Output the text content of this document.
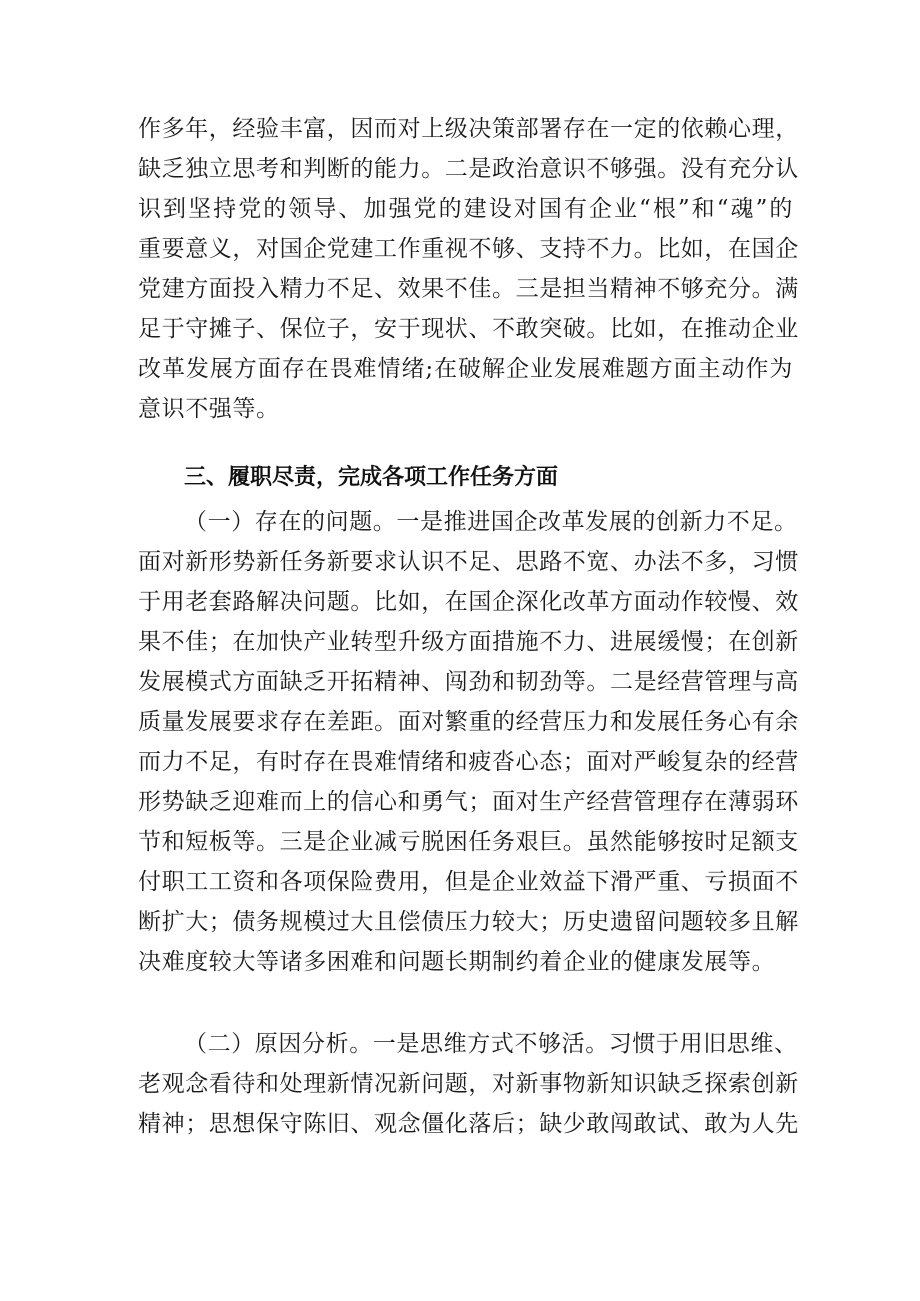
作多年，经验丰富，因而对上级决策部署存在一定的依赖心理，
缺乏独立思考和判断的能力。二是政治意识不够强。没有充分认
识到坚持党的领导、加强党的建设对国有企业“根”和“魂”的
重要意义，对国企党建工作重视不够、支持不力。比如，在国企
党建方面投入精力不足、效果不佳。三是担当精神不够充分。满
足于守摊子、保位子，安于现状、不敢突破。比如，在推动企业
改革发展方面存在畏难情绪;在破解企业发展难题方面主动作为
意识不强等。
三、履职尽责，完成各项工作任务方面
（一）存在的问题。一是推进国企改革发展的创新力不足。
面对新形势新任务新要求认识不足、思路不宽、办法不多，习惯
于用老套路解决问题。比如，在国企深化改革方面动作较慢、效
果不佳；在加快产业转型升级方面措施不力、进展缓慢；在创新
发展模式方面缺乏开拓精神、闯劲和韧劲等。二是经营管理与高
质量发展要求存在差距。面对繁重的经营压力和发展任务心有余
而力不足，有时存在畏难情绪和疲沓心态；面对严峻复杂的经营
形势缺乏迎难而上的信心和勇气；面对生产经营管理存在薄弱环
节和短板等。三是企业减亏脱困任务艰巨。虽然能够按时足额支
付职工工资和各项保险费用，但是企业效益下滑严重、亏损面不
断扩大；债务规模过大且偿债压力较大；历史遗留问题较多且解
决难度较大等诸多困难和问题长期制约着企业的健康发展等。
（二）原因分析。一是思维方式不够活。习惯于用旧思维、
老观念看待和处理新情况新问题，对新事物新知识缺乏探索创新
精神；思想保守陈旧、观念僵化落后；缺少敢闯敢试、敢为人先
